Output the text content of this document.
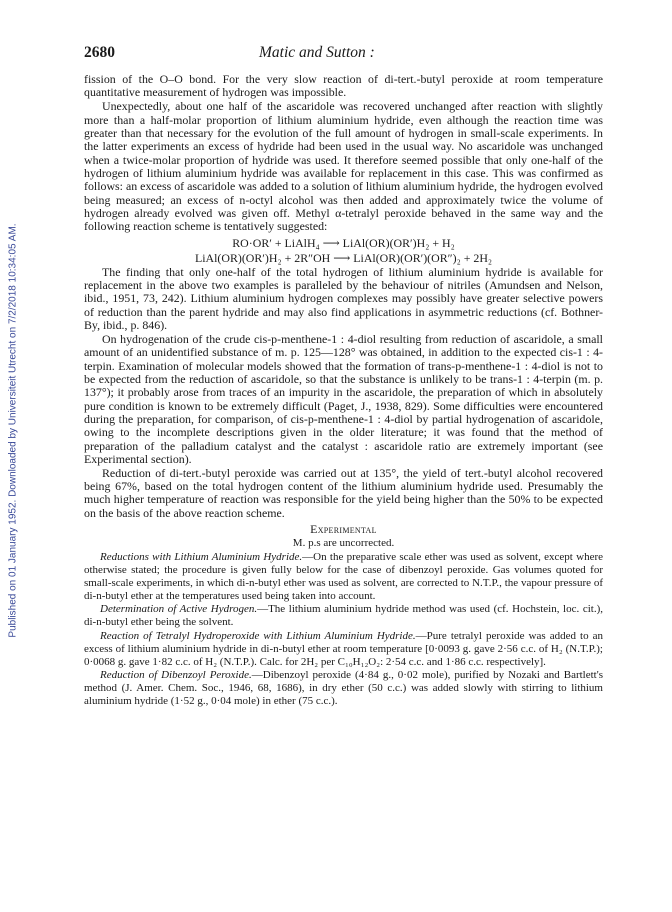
Published on 01 January 1952. Downloaded by Universiteit Utrecht on 7/2/2018 10:34:05 AM.
2680	Matic and Sutton :

fission of the O–O bond. For the very slow reaction of di-tert.-butyl peroxide at room temperature quantitative measurement of hydrogen was impossible.

Unexpectedly, about one half of the ascaridole was recovered unchanged after reaction with slightly more than a half-molar proportion of lithium aluminium hydride, even although the reaction time was greater than that necessary for the evolution of the full amount of hydrogen in small-scale experiments. In the latter experiments an excess of hydride had been used in the usual way. No ascaridole was unchanged when a twice-molar proportion of hydride was used. It therefore seemed possible that only one-half of the hydrogen of lithium aluminium hydride was available for replacement in this case. This was confirmed as follows: an excess of ascaridole was added to a solution of lithium aluminium hydride, the hydrogen evolved being measured; an excess of n-octyl alcohol was then added and approximately twice the volume of hydrogen already evolved was given off. Methyl α-tetralyl peroxide behaved in the same way and the following reaction scheme is tentatively suggested:

RO·OR′ + LiAlH₄ ⟶ LiAl(OR)(OR′)H₂ + H₂
LiAl(OR)(OR′)H₂ + 2R″OH ⟶ LiAl(OR)(OR′)(OR″)₂ + 2H₂

The finding that only one-half of the total hydrogen of lithium aluminium hydride is available for replacement in the above two examples is paralleled by the behaviour of nitriles (Amundsen and Nelson, ibid., 1951, 73, 242). Lithium aluminium hydrogen complexes may possibly have greater selective powers of reduction than the parent hydride and may also find applications in asymmetric reductions (cf. Bothner-By, ibid., p. 846).

On hydrogenation of the crude cis-p-menthene-1 : 4-diol resulting from reduction of ascaridole, a small amount of an unidentified substance of m. p. 125—128° was obtained, in addition to the expected cis-1 : 4-terpin. Examination of molecular models showed that the formation of trans-p-menthene-1 : 4-diol is not to be expected from the reduction of ascaridole, so that the substance is unlikely to be trans-1 : 4-terpin (m. p. 137°); it probably arose from traces of an impurity in the ascaridole, the preparation of which in absolutely pure condition is known to be extremely difficult (Paget, J., 1938, 829). Some difficulties were encountered during the preparation, for comparison, of cis-p-menthene-1 : 4-diol by partial hydrogenation of ascaridole, owing to the incomplete descriptions given in the older literature; it was found that the method of preparation of the palladium catalyst and the catalyst : ascaridole ratio are extremely important (see Experimental section).

Reduction of di-tert.-butyl peroxide was carried out at 135°, the yield of tert.-butyl alcohol recovered being 67%, based on the total hydrogen content of the lithium aluminium hydride used. Presumably the much higher temperature of reaction was responsible for the yield being higher than the 50% to be expected on the basis of the above reaction scheme.

Experimental
M. p.s are uncorrected.

Reductions with Lithium Aluminium Hydride.—On the preparative scale ether was used as solvent, except where otherwise stated; the procedure is given fully below for the case of dibenzoyl peroxide. Gas volumes quoted for small-scale experiments, in which di-n-butyl ether was used as solvent, are corrected to N.T.P., the vapour pressure of di-n-butyl ether at the temperatures used being taken into account.

Determination of Active Hydrogen.—The lithium aluminium hydride method was used (cf. Hochstein, loc. cit.), di-n-butyl ether being the solvent.

Reaction of Tetralyl Hydroperoxide with Lithium Aluminium Hydride.—Pure tetralyl peroxide was added to an excess of lithium aluminium hydride in di-n-butyl ether at room temperature [0·0093 g. gave 2·56 c.c. of H₂ (N.T.P.); 0·0068 g. gave 1·82 c.c. of H₂ (N.T.P.). Calc. for 2H₂ per C₁₀H₁₂O₂: 2·54 c.c. and 1·86 c.c. respectively].

Reduction of Dibenzoyl Peroxide.—Dibenzoyl peroxide (4·84 g., 0·02 mole), purified by Nozaki and Bartlett's method (J. Amer. Chem. Soc., 1946, 68, 1686), in dry ether (50 c.c.) was added slowly with stirring to lithium aluminium hydride (1·52 g., 0·04 mole) in ether (75 c.c.).
